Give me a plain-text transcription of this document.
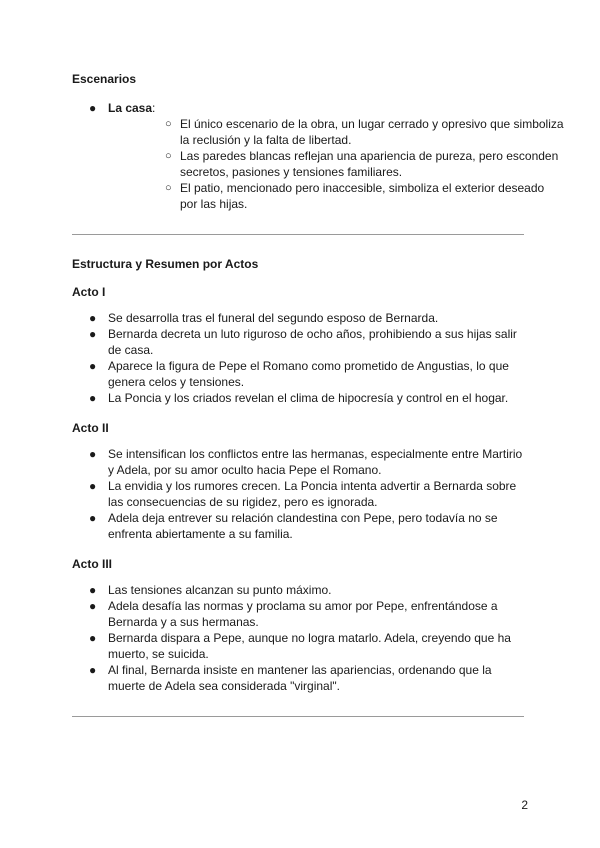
Escenarios
● La casa:
○ El único escenario de la obra, un lugar cerrado y opresivo que simboliza la reclusión y la falta de libertad.
○ Las paredes blancas reflejan una apariencia de pureza, pero esconden secretos, pasiones y tensiones familiares.
○ El patio, mencionado pero inaccesible, simboliza el exterior deseado por las hijas.
Estructura y Resumen por Actos
Acto I
● Se desarrolla tras el funeral del segundo esposo de Bernarda.
● Bernarda decreta un luto riguroso de ocho años, prohibiendo a sus hijas salir de casa.
● Aparece la figura de Pepe el Romano como prometido de Angustias, lo que genera celos y tensiones.
● La Poncia y los criados revelan el clima de hipocresía y control en el hogar.
Acto II
● Se intensifican los conflictos entre las hermanas, especialmente entre Martirio y Adela, por su amor oculto hacia Pepe el Romano.
● La envidia y los rumores crecen. La Poncia intenta advertir a Bernarda sobre las consecuencias de su rigidez, pero es ignorada.
● Adela deja entrever su relación clandestina con Pepe, pero todavía no se enfrenta abiertamente a su familia.
Acto III
● Las tensiones alcanzan su punto máximo.
● Adela desafía las normas y proclama su amor por Pepe, enfrentándose a Bernarda y a sus hermanas.
● Bernarda dispara a Pepe, aunque no logra matarlo. Adela, creyendo que ha muerto, se suicida.
● Al final, Bernarda insiste en mantener las apariencias, ordenando que la muerte de Adela sea considerada "virginal".
2
